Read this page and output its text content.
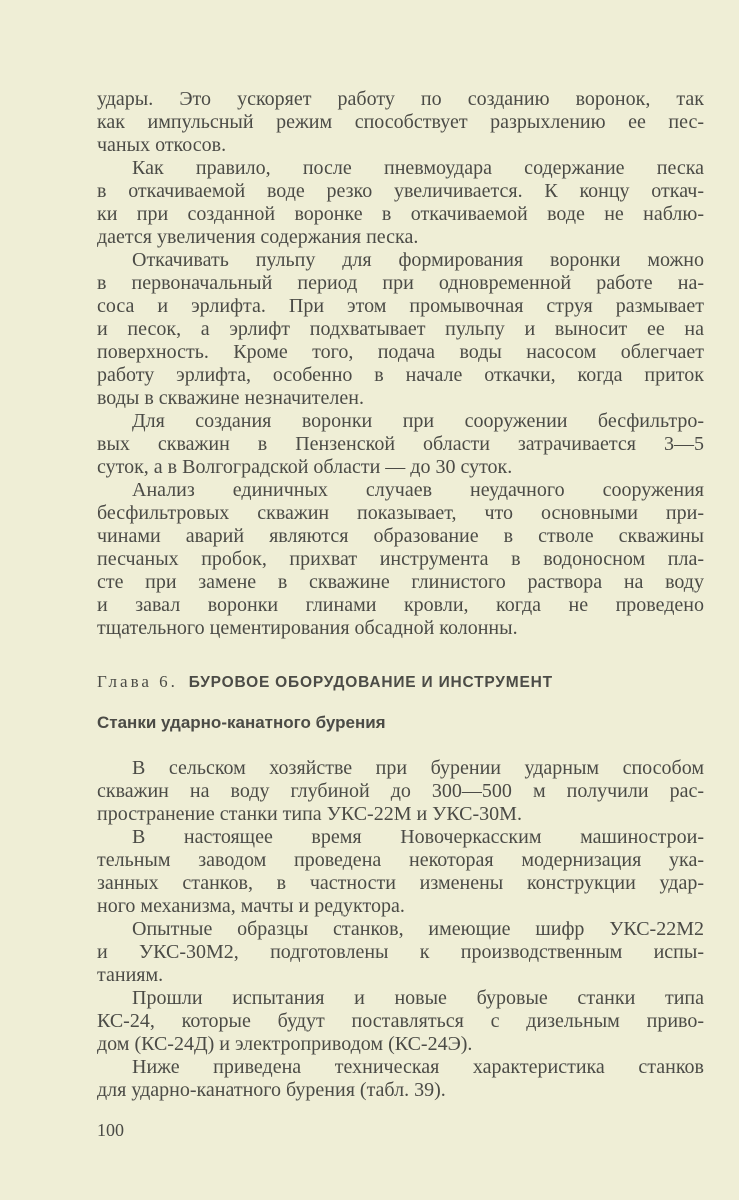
удары. Это ускоряет работу по созданию воронок, так
как импульсный режим способствует разрыхлению ее пес-
чаных откосов.
Как правило, после пневмоудара содержание песка
в откачиваемой воде резко увеличивается. К концу откач-
ки при созданной воронке в откачиваемой воде не наблю-
дается увеличения содержания песка.
Откачивать пульпу для формирования воронки можно
в первоначальный период при одновременной работе на-
соса и эрлифта. При этом промывочная струя размывает
и песок, а эрлифт подхватывает пульпу и выносит ее на
поверхность. Кроме того, подача воды насосом облегчает
работу эрлифта, особенно в начале откачки, когда приток
воды в скважине незначителен.
Для создания воронки при сооружении бесфильтро-
вых скважин в Пензенской области затрачивается 3—5
суток, а в Волгоградской области — до 30 суток.
Анализ единичных случаев неудачного сооружения
бесфильтровых скважин показывает, что основными при-
чинами аварий являются образование в стволе скважины
песчаных пробок, прихват инструмента в водоносном пла-
сте при замене в скважине глинистого раствора на воду
и завал воронки глинами кровли, когда не проведено
тщательного цементирования обсадной колонны.
Глава 6. БУРОВОЕ ОБОРУДОВАНИЕ И ИНСТРУМЕНТ
Станки ударно-канатного бурения
В сельском хозяйстве при бурении ударным способом
скважин на воду глубиной до 300—500 м получили рас-
пространение станки типа УКС-22М и УКС-30М.
В настоящее время Новочеркасским машинострои-
тельным заводом проведена некоторая модернизация ука-
занных станков, в частности изменены конструкции удар-
ного механизма, мачты и редуктора.
Опытные образцы станков, имеющие шифр УКС-22М2
и УКС-30М2, подготовлены к производственным испы-
таниям.
Прошли испытания и новые буровые станки типа
КС-24, которые будут поставляться с дизельным приво-
дом (КС-24Д) и электроприводом (КС-24Э).
Ниже приведена техническая характеристика станков
для ударно-канатного бурения (табл. 39).
100
